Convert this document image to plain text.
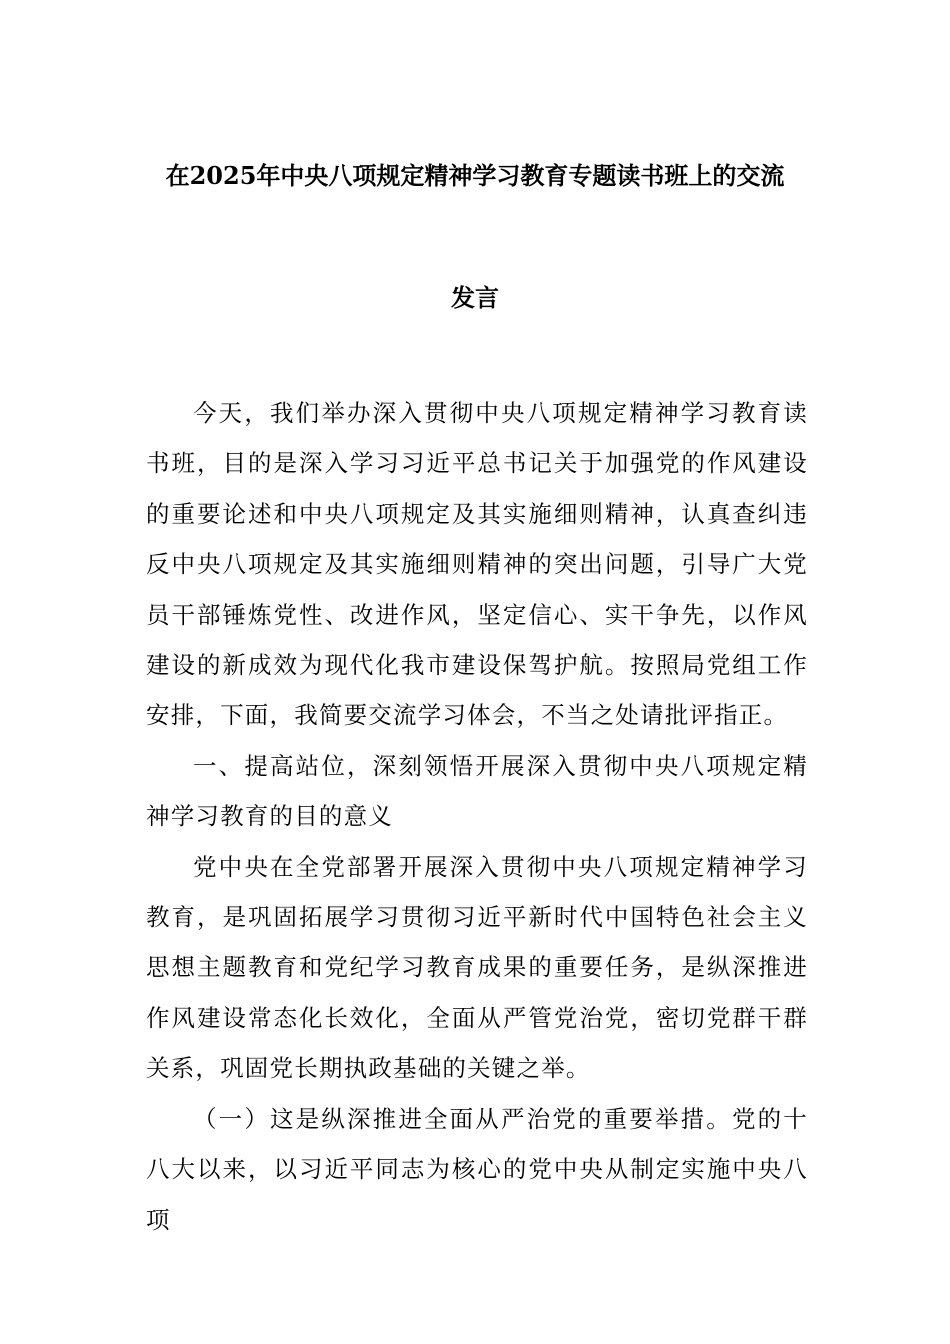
在2025年中央八项规定精神学习教育专题读书班上的交流
发言

今天，我们举办深入贯彻中央八项规定精神学习教育读书班，目的是深入学习习近平总书记关于加强党的作风建设的重要论述和中央八项规定及其实施细则精神，认真查纠违反中央八项规定及其实施细则精神的突出问题，引导广大党员干部锤炼党性、改进作风，坚定信心、实干争先，以作风建设的新成效为现代化我市建设保驾护航。按照局党组工作安排，下面，我简要交流学习体会，不当之处请批评指正。

一、提高站位，深刻领悟开展深入贯彻中央八项规定精神学习教育的目的意义

党中央在全党部署开展深入贯彻中央八项规定精神学习教育，是巩固拓展学习贯彻习近平新时代中国特色社会主义思想主题教育和党纪学习教育成果的重要任务，是纵深推进作风建设常态化长效化，全面从严管党治党，密切党群干群关系，巩固党长期执政基础的关键之举。

（一）这是纵深推进全面从严治党的重要举措。党的十八大以来，以习近平同志为核心的党中央从制定实施中央八项
